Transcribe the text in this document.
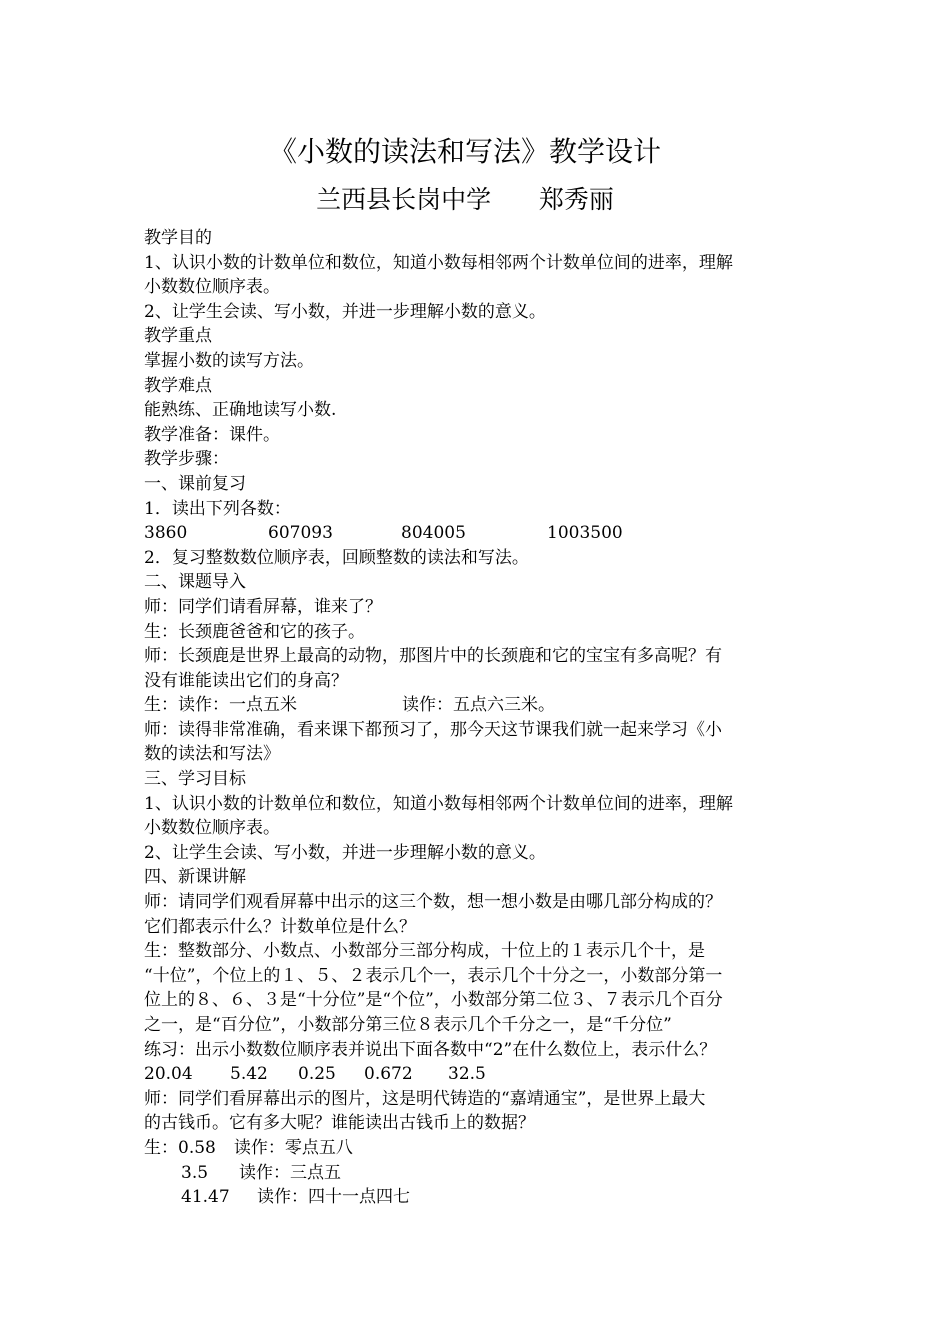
《小数的读法和写法》教学设计
兰西县长岗中学      郑秀丽
教学目的
1、认识小数的计数单位和数位，知道小数每相邻两个计数单位间的进率，理解
小数数位顺序表。
2、让学生会读、写小数，并进一步理解小数的意义。
教学重点
掌握小数的读写方法。
教学难点
能熟练、正确地读写小数.
教学准备：课件。
教学步骤：
一、课前复习
1．读出下列各数：
3860	607093	804005	1003500
2．复习整数数位顺序表，回顾整数的读法和写法。
二、课题导入
师：同学们请看屏幕，谁来了？
生：长颈鹿爸爸和它的孩子。
师：长颈鹿是世界上最高的动物，那图片中的长颈鹿和它的宝宝有多高呢？有
没有谁能读出它们的身高？
生：读作：一点五米	读作：五点六三米。
师：读得非常准确，看来课下都预习了，那今天这节课我们就一起来学习《小
数的读法和写法》
三、学习目标
1、认识小数的计数单位和数位，知道小数每相邻两个计数单位间的进率，理解
小数数位顺序表。
2、让学生会读、写小数，并进一步理解小数的意义。
四、新课讲解
师：请同学们观看屏幕中出示的这三个数，想一想小数是由哪几部分构成的？
它们都表示什么？计数单位是什么？
生：整数部分、小数点、小数部分三部分构成，十位上的１表示几个十，是
“十位”，个位上的１、５、２表示几个一，表示几个十分之一，小数部分第一
位上的８、６、３是“十分位”是“个位”，小数部分第二位３、７表示几个百分
之一，是“百分位”，小数部分第三位８表示几个千分之一，是“千分位”
练习：出示小数数位顺序表并说出下面各数中“2”在什么数位上，表示什么？
20.04	5.42	0.25	0.672	32.5
师：同学们看屏幕出示的图片，这是明代铸造的“嘉靖通宝”，是世界上最大
的古钱币。它有多大呢？谁能读出古钱币上的数据？
生：0.58 读作：零点五八
3.5 读作：三点五
41.47 读作：四十一点四七
